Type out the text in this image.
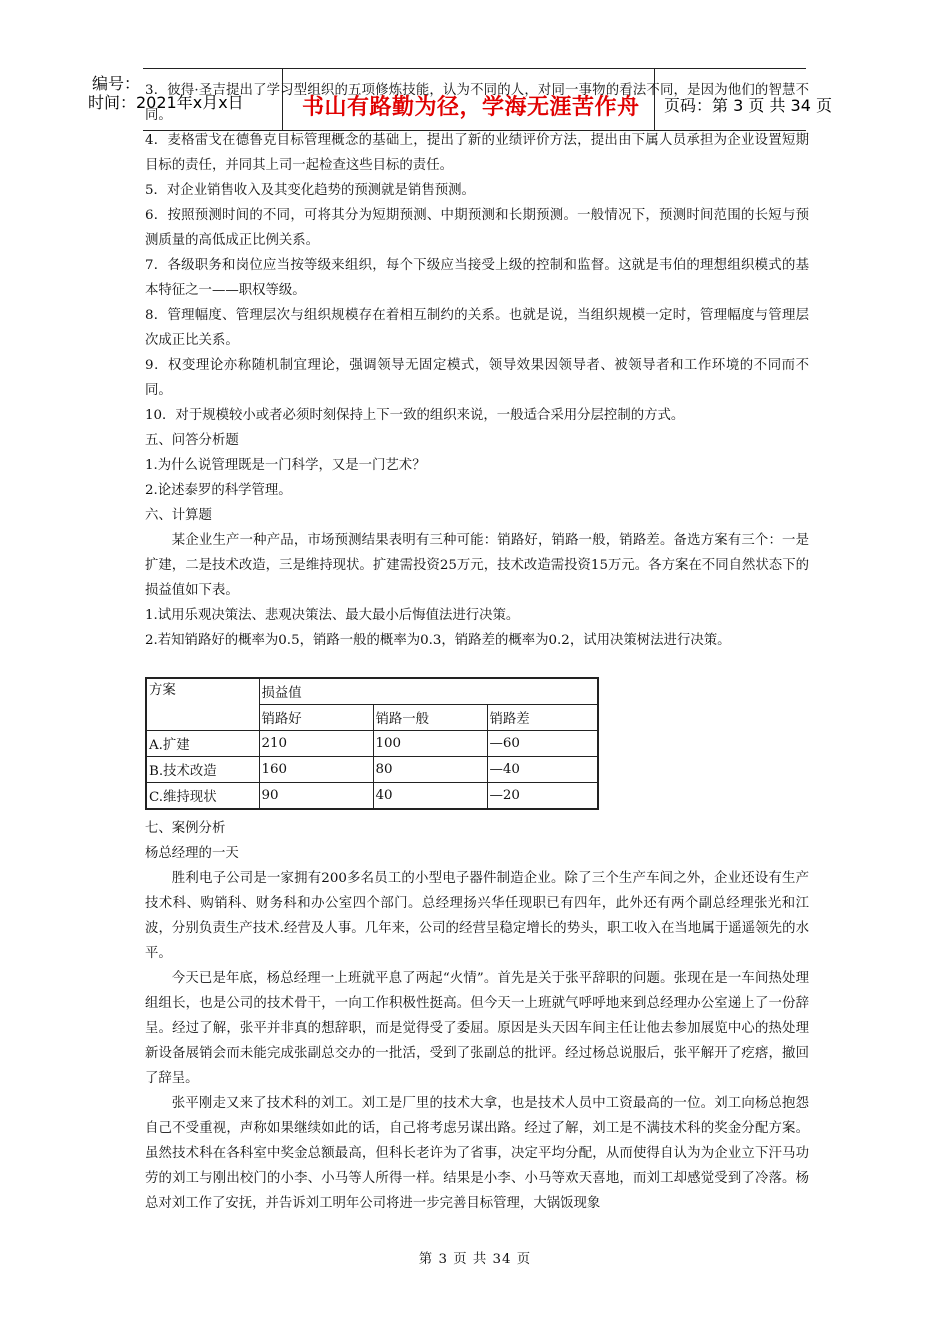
编号：
时间：2021年x月x日	书山有路勤为径，学海无涯苦作舟 页码：第 3 页 共 34 页

3．彼得·圣吉提出了学习型组织的五项修炼技能，认为不同的人，对同一事物的看法不同，是因为他们的智慧不同。

4．麦格雷戈在德鲁克目标管理概念的基础上，提出了新的业绩评价方法，提出由下属人员承担为企业设置短期目标的责任，并同其上司一起检查这些目标的责任。

5．对企业销售收入及其变化趋势的预测就是销售预测。

6．按照预测时间的不同，可将其分为短期预测、中期预测和长期预测。一般情况下，预测时间范围的长短与预测质量的高低成正比例关系。

7．各级职务和岗位应当按等级来组织，每个下级应当接受上级的控制和监督。这就是韦伯的理想组织模式的基本特征之一——职权等级。

8．管理幅度、管理层次与组织规模存在着相互制约的关系。也就是说，当组织规模一定时，管理幅度与管理层次成正比关系。

9．权变理论亦称随机制宜理论，强调领导无固定模式，领导效果因领导者、被领导者和工作环境的不同而不同。

10．对于规模较小或者必须时刻保持上下一致的组织来说，一般适合采用分层控制的方式。

五、问答分析题

1.为什么说管理既是一门科学，又是一门艺术？

2.论述泰罗的科学管理。

六、计算题

某企业生产一种产品，市场预测结果表明有三种可能：销路好，销路一般，销路差。备选方案有三个：一是扩建，二是技术改造，三是维持现状。扩建需投资25万元，技术改造需投资15万元。各方案在不同自然状态下的损益值如下表。

1.试用乐观决策法、悲观决策法、最大最小后悔值法进行决策。

2.若知销路好的概率为0.5，销路一般的概率为0.3，销路差的概率为0.2，试用决策树法进行决策。

方案	损益值		
	销路好	销路一般	销路差
A.扩建	210	100	—60
B.技术改造	160	80	—40
C.维持现状	90	40	—20

七、案例分析

杨总经理的一天

胜利电子公司是一家拥有200多名员工的小型电子器件制造企业。除了三个生产车间之外，企业还设有生产技术科、购销科、财务科和办公室四个部门。总经理扬兴华任现职已有四年，此外还有两个副总经理张光和江波，分别负责生产技术.经营及人事。几年来，公司的经营呈稳定增长的势头，职工收入在当地属于遥遥领先的水平。

今天已是年底，杨总经理一上班就平息了两起“火情”。首先是关于张平辞职的问题。张现在是一车间热处理组组长，也是公司的技术骨干，一向工作积极性挺高。但今天一上班就气呼呼地来到总经理办公室递上了一份辞呈。经过了解，张平并非真的想辞职，而是觉得受了委屈。原因是头天因车间主任让他去参加展览中心的热处理新设备展销会而未能完成张副总交办的一批活，受到了张副总的批评。经过杨总说服后，张平解开了疙瘩，撤回了辞呈。

张平刚走又来了技术科的刘工。刘工是厂里的技术大拿，也是技术人员中工资最高的一位。刘工向杨总抱怨自己不受重视，声称如果继续如此的话，自己将考虑另谋出路。经过了解，刘工是不满技术科的奖金分配方案。虽然技术科在各科室中奖金总额最高，但科长老许为了省事，决定平均分配，从而使得自认为为企业立下汗马功劳的刘工与刚出校门的小李、小马等人所得一样。结果是小李、小马等欢天喜地，而刘工却感觉受到了冷落。杨总对刘工作了安抚，并告诉刘工明年公司将进一步完善目标管理，大锅饭现象

第 3 页 共 34 页
